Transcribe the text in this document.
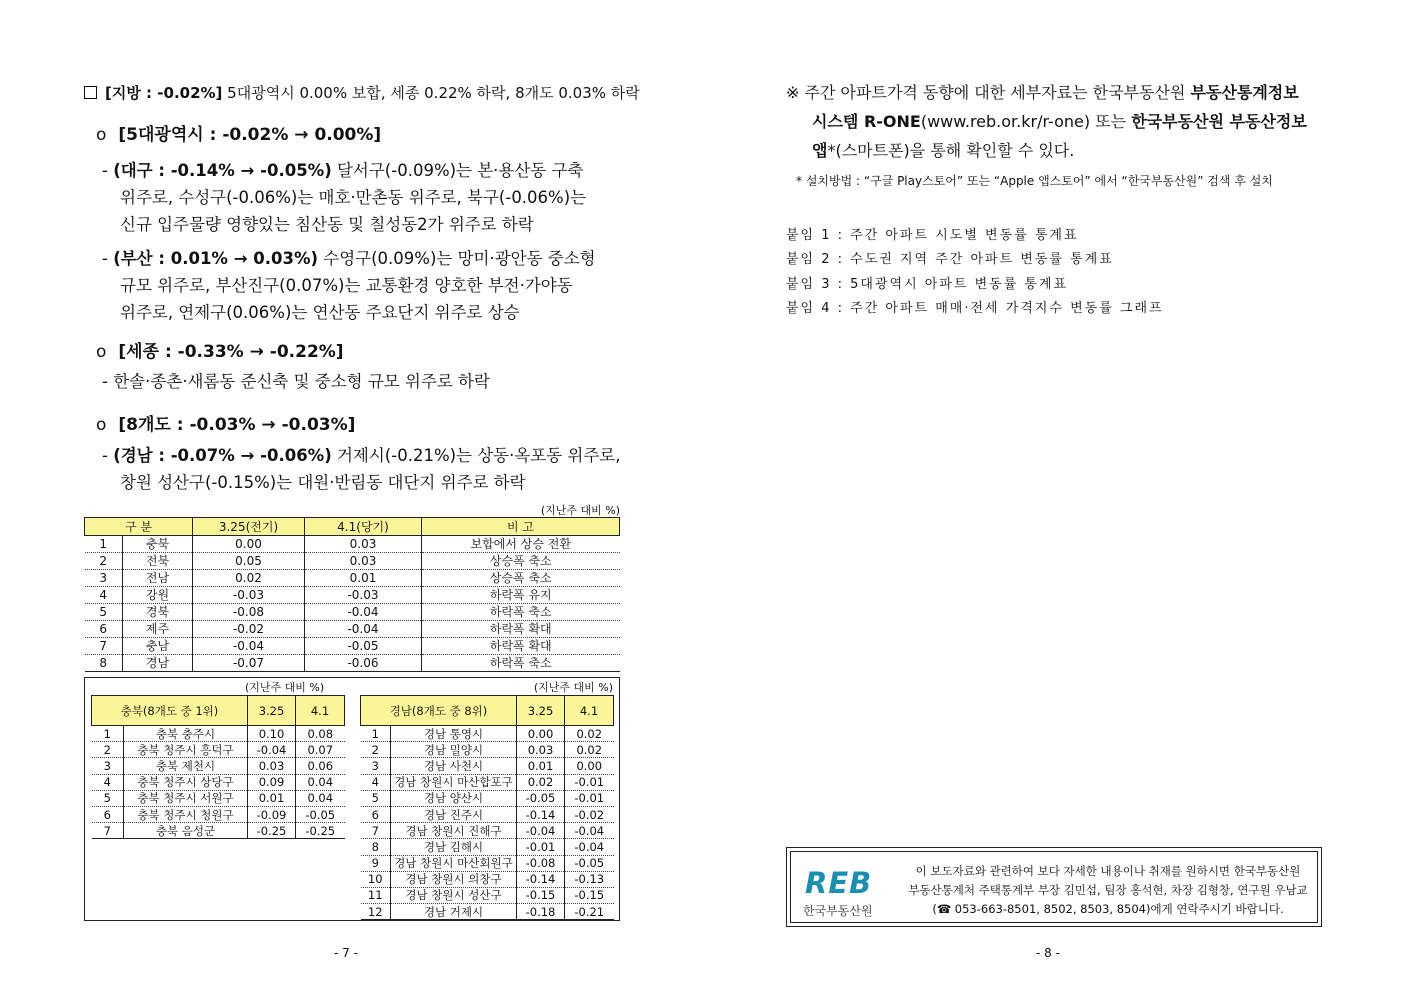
[지방 : -0.02%] 5대광역시 0.00% 보합, 세종 0.22% 하락, 8개도 0.03% 하락
o [5대광역시 : -0.02% → 0.00%]
- (대구 : -0.14% → -0.05%) 달서구(-0.09%)는 본·용산동 구축
위주로, 수성구(-0.06%)는 매호·만촌동 위주로, 북구(-0.06%)는
신규 입주물량 영향있는 침산동 및 칠성동2가 위주로 하락
- (부산 : 0.01% → 0.03%) 수영구(0.09%)는 망미·광안동 중소형
규모 위주로, 부산진구(0.07%)는 교통환경 양호한 부전·가야동
위주로, 연제구(0.06%)는 연산동 주요단지 위주로 상승
o [세종 : -0.33% → -0.22%]
- 한솔·종촌·새롬동 준신축 및 중소형 규모 위주로 하락
o [8개도 : -0.03% → -0.03%]
- (경남 : -0.07% → -0.06%) 거제시(-0.21%)는 상동·옥포동 위주로,
창원 성산구(-0.15%)는 대원·반림동 대단지 위주로 하락
(지난주 대비 %)
구 분		3.25(전기)	4.1(당기)	비 고
1	충북	0.00	0.03	보합에서 상승 전환
2	전북	0.05	0.03	상승폭 축소
3	전남	0.02	0.01	상승폭 축소
4	강원	-0.03	-0.03	하락폭 유지
5	경북	-0.08	-0.04	하락폭 축소
6	제주	-0.02	-0.04	하락폭 확대
7	충남	-0.04	-0.05	하락폭 확대
8	경남	-0.07	-0.06	하락폭 축소
(지난주 대비 %)
충북(8개도 중 1위)		3.25	4.1
1	충북 충주시	0.10	0.08
2	충북 청주시 흥덕구	-0.04	0.07
3	충북 제천시	0.03	0.06
4	충북 청주시 상당구	0.09	0.04
5	충북 청주시 서원구	0.01	0.04
6	충북 청주시 청원구	-0.09	-0.05
7	충북 음성군	-0.25	-0.25
(지난주 대비 %)
경남(8개도 중 8위)		3.25	4.1
1	경남 통영시	0.00	0.02
2	경남 밀양시	0.03	0.02
3	경남 사천시	0.01	0.00
4	경남 창원시 마산합포구	0.02	-0.01
5	경남 양산시	-0.05	-0.01
6	경남 진주시	-0.14	-0.02
7	경남 창원시 진해구	-0.04	-0.04
8	경남 김해시	-0.01	-0.04
9	경남 창원시 마산회원구	-0.08	-0.05
10	경남 창원시 의창구	-0.14	-0.13
11	경남 창원시 성산구	-0.15	-0.15
12	경남 거제시	-0.18	-0.21
- 7 -
※ 주간 아파트가격 동향에 대한 세부자료는 한국부동산원 부동산통계정보
시스템 R-ONE(www.reb.or.kr/r-one) 또는 한국부동산원 부동산정보
앱*(스마트폰)을 통해 확인할 수 있다.
* 설치방법 : “구글 Play스토어” 또는 “Apple 앱스토어” 에서 “한국부동산원” 검색 후 설치
붙임 1 : 주간 아파트 시도별 변동률 통계표
붙임 2 : 수도권 지역 주간 아파트 변동률 통계표
붙임 3 : 5대광역시 아파트 변동률 통계표
붙임 4 : 주간 아파트 매매·전세 가격지수 변동률 그래프
REB
한국부동산원
이 보도자료와 관련하여 보다 자세한 내용이나 취재를 원하시면 한국부동산원
부동산통계처 주택통계부 부장 김민섭, 팀장 홍석현, 차장 김형창, 연구원 우남교
(☎ 053-663-8501, 8502, 8503, 8504)에게 연락주시기 바랍니다.
- 8 -
